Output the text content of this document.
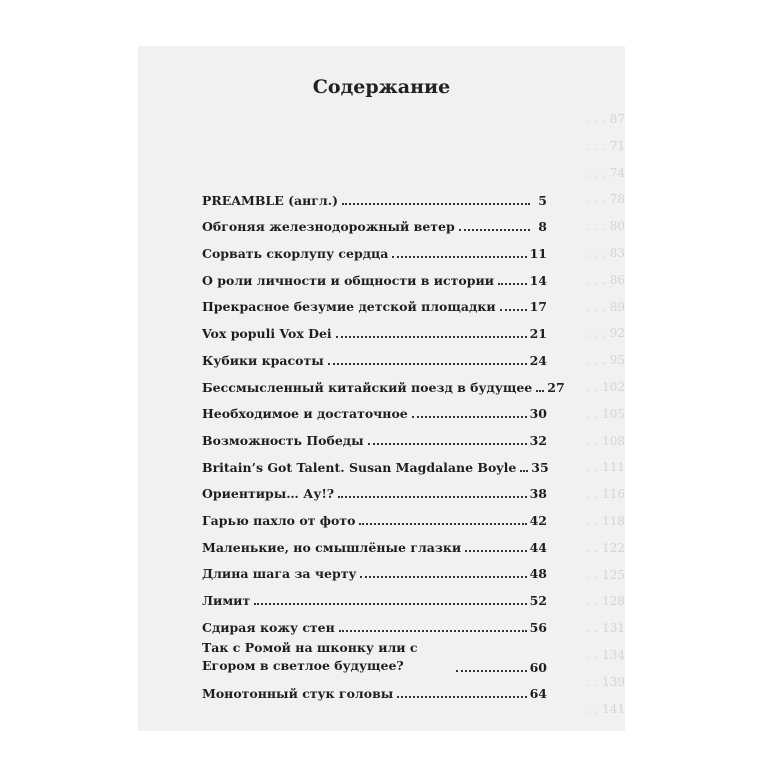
. . . 87
. . . 71
. . . 74
. . . 78
. . . 80
. . . 83
. . . 86
. . . 89
. . . 92
. . . 95
. . 102
. . 105
. . 108
. . 111
. . 116
. . 118
. . 122
. . 125
. . 128
. . 131
. . 134
. . 139
. . 141
Содержание
PREAMBLE (англ.)	5
Обгоняя железнодорожный ветер	8
Сорвать скорлупу сердца	11
О роли личности и общности в истории	14
Прекрасное безумие детской площадки	17
Vox populi Vox Dei	21
Кубики красоты	24
Бессмысленный китайский поезд в будущее 27
Необходимое и достаточное	30
Возможность Победы	32
Britain’s Got Talent. Susan Magdalane Boyle 35
Ориентиры… Ау!?	38
Гарью пахло от фото	42
Маленькие, но смышлёные глазки	44
Длина шага за черту	48
Лимит	52
Сдирая кожу стен	56
Так с Ромой на шконку или с Егором в светлое будущее?	60
Монотонный стук головы	64
